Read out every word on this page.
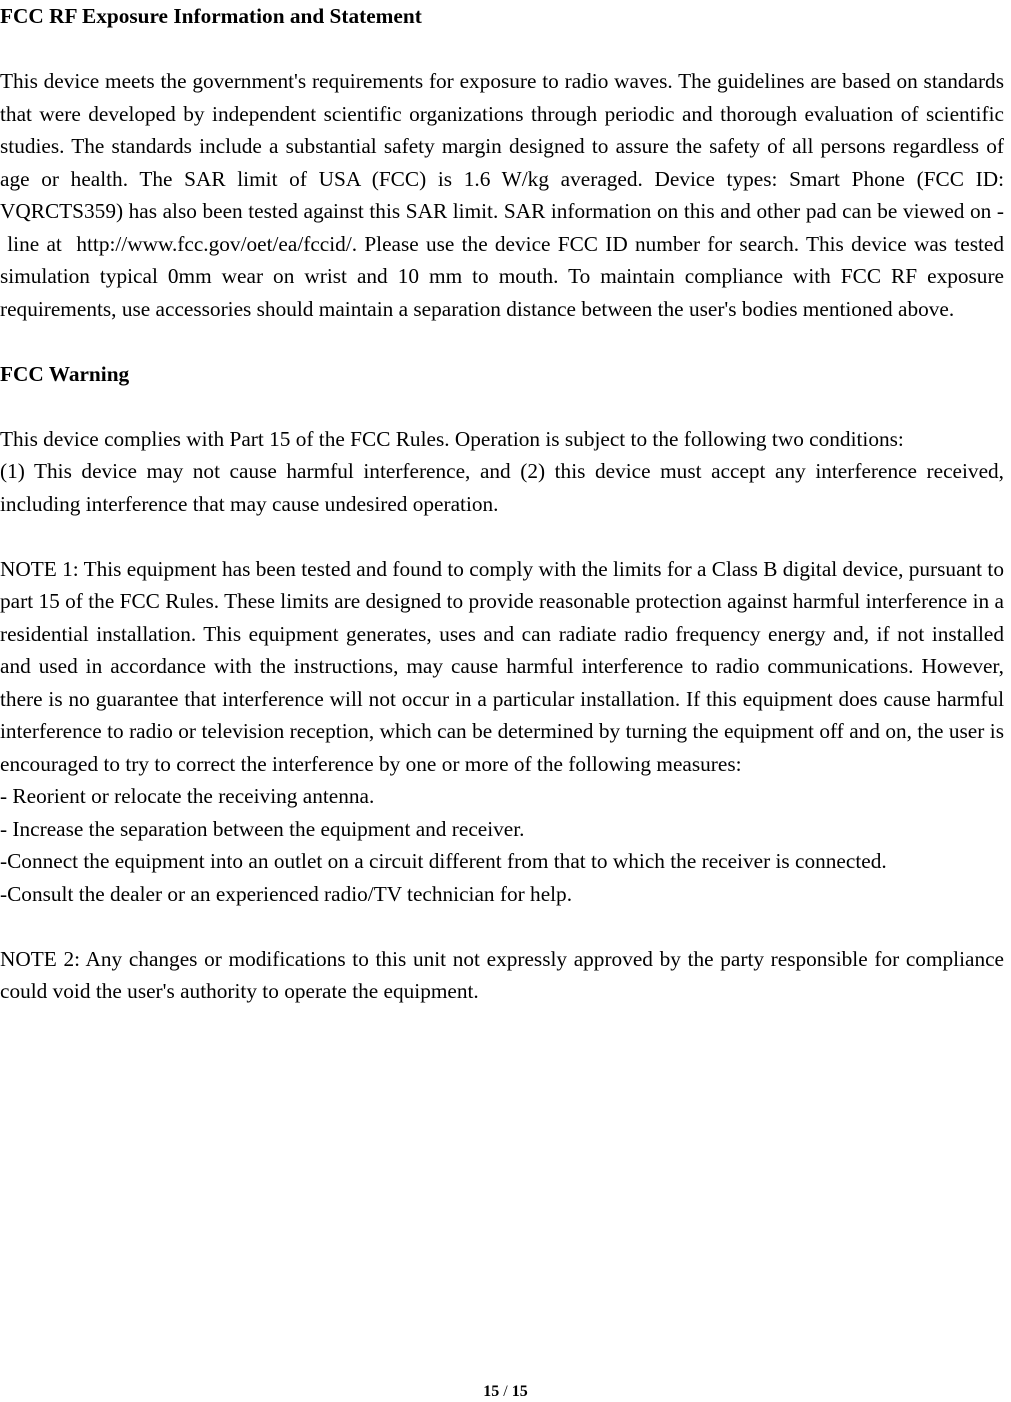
FCC RF Exposure Information and Statement

This device meets the government's requirements for exposure to radio waves. The guidelines are based on standards that were developed by independent scientific organizations through periodic and thorough evaluation of scientific studies. The standards include a substantial safety margin designed to assure the safety of all persons regardless of age or health. The SAR limit of USA (FCC) is 1.6 W/kg averaged. Device types: Smart Phone (FCC ID: VQRCTS359) has also been tested against this SAR limit. SAR information on this and other pad can be viewed on - line at  http://www.fcc.gov/oet/ea/fccid/. Please use the device FCC ID number for search. This device was tested simulation typical 0mm wear on wrist and 10 mm to mouth. To maintain compliance with FCC RF exposure requirements, use accessories should maintain a separation distance between the user's bodies mentioned above.

FCC Warning

This device complies with Part 15 of the FCC Rules. Operation is subject to the following two conditions:

(1) This device may not cause harmful interference, and (2) this device must accept any interference received, including interference that may cause undesired operation.

NOTE 1: This equipment has been tested and found to comply with the limits for a Class B digital device, pursuant to part 15 of the FCC Rules. These limits are designed to provide reasonable protection against harmful interference in a residential installation. This equipment generates, uses and can radiate radio frequency energy and, if not installed and used in accordance with the instructions, may cause harmful interference to radio communications. However, there is no guarantee that interference will not occur in a particular installation. If this equipment does cause harmful interference to radio or television reception, which can be determined by turning the equipment off and on, the user is encouraged to try to correct the interference by one or more of the following measures:

- Reorient or relocate the receiving antenna.

- Increase the separation between the equipment and receiver.

-Connect the equipment into an outlet on a circuit different from that to which the receiver is connected.

-Consult the dealer or an experienced radio/TV technician for help.

NOTE 2: Any changes or modifications to this unit not expressly approved by the party responsible for compliance could void the user's authority to operate the equipment.

15 / 15
